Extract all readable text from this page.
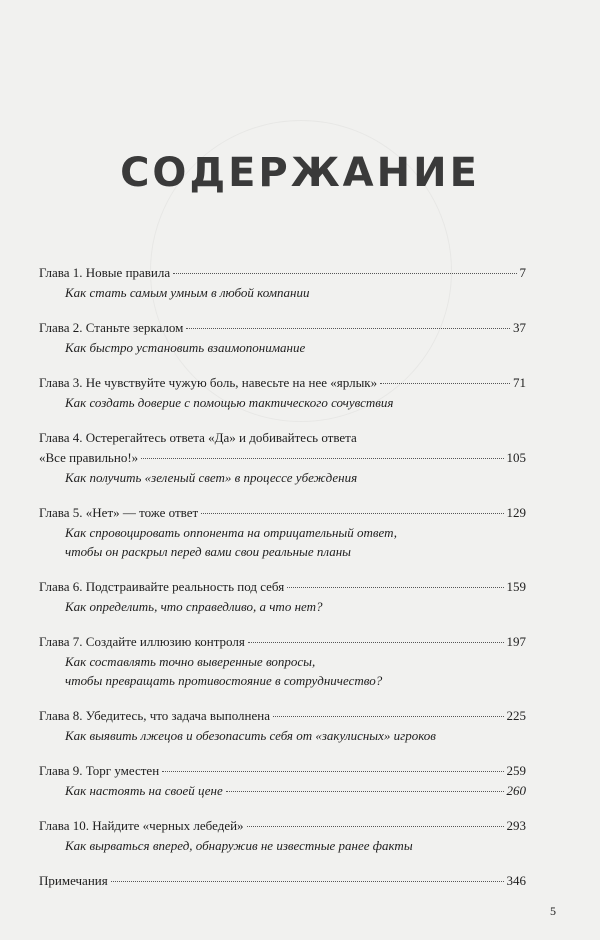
СОДЕРЖАНИЕ
Глава 1. Новые правила	7
Как стать самым умным в любой компании
Глава 2. Станьте зеркалом	37
Как быстро установить взаимопонимание
Глава 3. Не чувствуйте чужую боль, навесьте на нее «ярлык»	71
Как создать доверие с помощью тактического сочувствия
Глава 4. Остерегайтесь ответа «Да» и добивайтесь ответа
«Все правильно!»	105
Как получить «зеленый свет» в процессе убеждения
Глава 5. «Нет» — тоже ответ	129
Как спровоцировать оппонента на отрицательный ответ,
чтобы он раскрыл перед вами свои реальные планы
Глава 6. Подстраивайте реальность под себя	159
Как определить, что справедливо, а что нет?
Глава 7. Создайте иллюзию контроля	197
Как составлять точно выверенные вопросы,
чтобы превращать противостояние в сотрудничество?
Глава 8. Убедитесь, что задача выполнена	225
Как выявить лжецов и обезопасить себя от «закулисных» игроков
Глава 9. Торг уместен	259
Как настоять на своей цене	260
Глава 10. Найдите «черных лебедей»	293
Как вырваться вперед, обнаружив не известные ранее факты
Примечания	346
5
